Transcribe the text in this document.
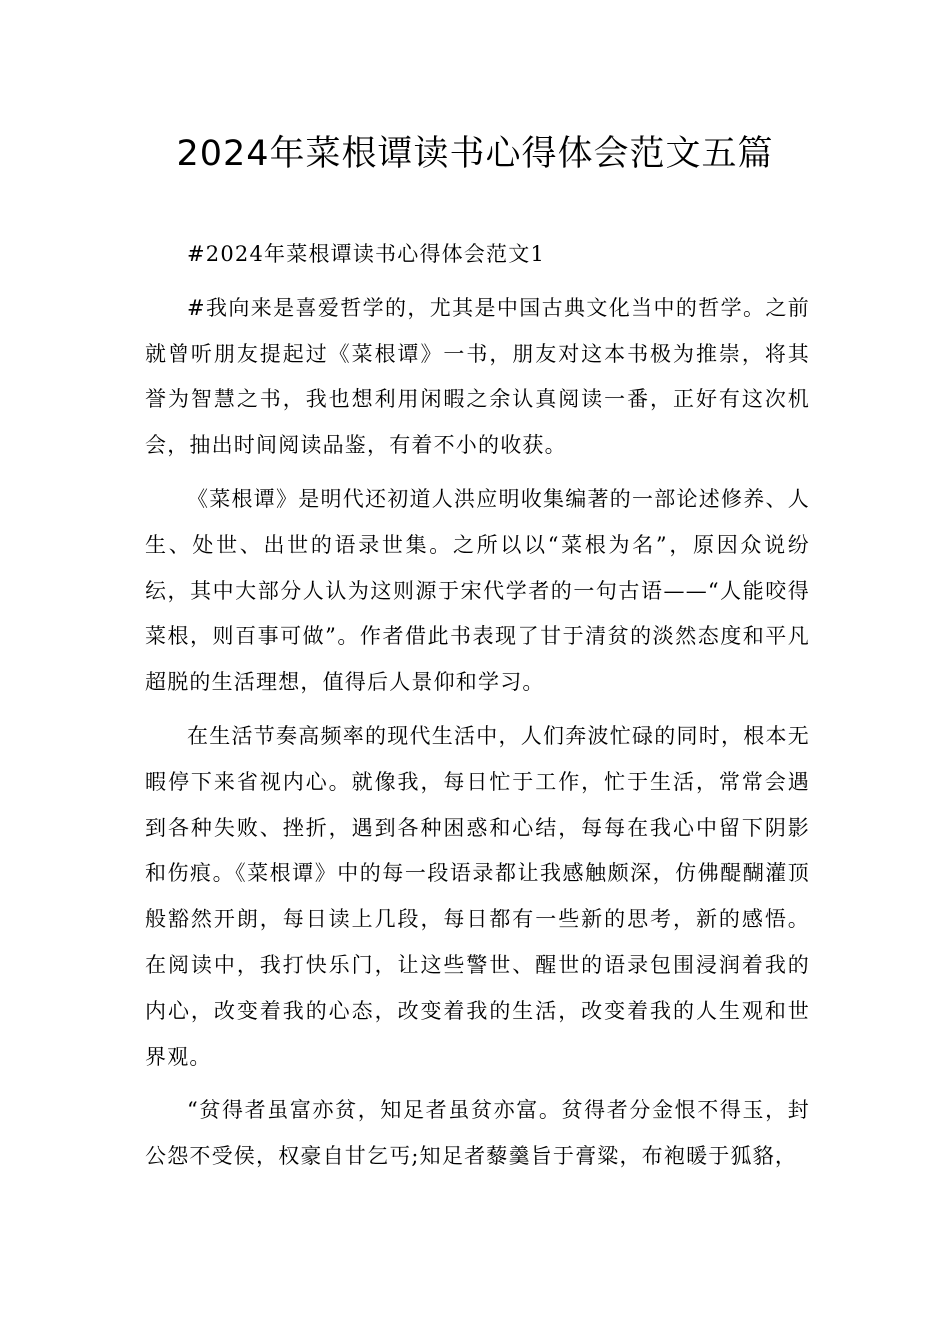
2024年菜根谭读书心得体会范文五篇

#2024年菜根谭读书心得体会范文1

#我向来是喜爱哲学的，尤其是中国古典文化当中的哲学。之前就曾听朋友提起过《菜根谭》一书，朋友对这本书极为推崇，将其誉为智慧之书，我也想利用闲暇之余认真阅读一番，正好有这次机会，抽出时间阅读品鉴，有着不小的收获。

《菜根谭》是明代还初道人洪应明收集编著的一部论述修养、人生、处世、出世的语录世集。之所以以“菜根为名”，原因众说纷纭，其中大部分人认为这则源于宋代学者的一句古语——“人能咬得菜根，则百事可做”。作者借此书表现了甘于清贫的淡然态度和平凡超脱的生活理想，值得后人景仰和学习。

在生活节奏高频率的现代生活中，人们奔波忙碌的同时，根本无暇停下来省视内心。就像我，每日忙于工作，忙于生活，常常会遇到各种失败、挫折，遇到各种困惑和心结，每每在我心中留下阴影和伤痕。《菜根谭》中的每一段语录都让我感触颇深，仿佛醍醐灌顶般豁然开朗，每日读上几段，每日都有一些新的思考，新的感悟。在阅读中，我打快乐门，让这些警世、醒世的语录包围浸润着我的内心，改变着我的心态，改变着我的生活，改变着我的人生观和世界观。

“贫得者虽富亦贫，知足者虽贫亦富。贫得者分金恨不得玉，封公怨不受侯，权豪自甘乞丐;知足者藜羹旨于膏粱，布袍暖于狐貉，
